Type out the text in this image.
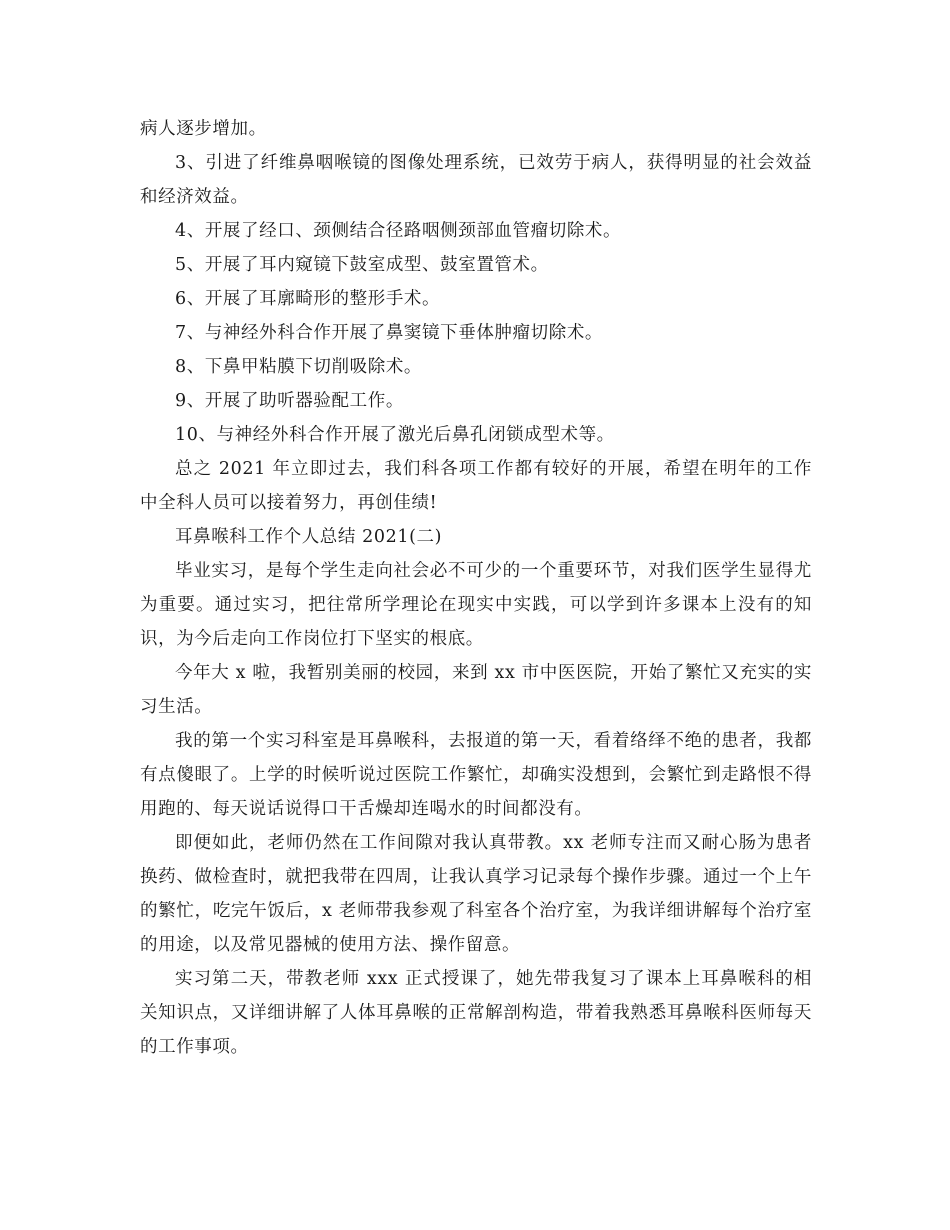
病人逐步增加。

3、引进了纤维鼻咽喉镜的图像处理系统，已效劳于病人，获得明显的社会效益和经济效益。

4、开展了经口、颈侧结合径路咽侧颈部血管瘤切除术。

5、开展了耳内窥镜下鼓室成型、鼓室置管术。

6、开展了耳廓畸形的整形手术。

7、与神经外科合作开展了鼻窦镜下垂体肿瘤切除术。

8、下鼻甲粘膜下切削吸除术。

9、开展了助听器验配工作。

10、与神经外科合作开展了激光后鼻孔闭锁成型术等。

总之 2021 年立即过去，我们科各项工作都有较好的开展，希望在明年的工作中全科人员可以接着努力，再创佳绩!

耳鼻喉科工作个人总结 2021(二)

毕业实习，是每个学生走向社会必不可少的一个重要环节，对我们医学生显得尤为重要。通过实习，把往常所学理论在现实中实践，可以学到许多课本上没有的知识，为今后走向工作岗位打下坚实的根底。

今年大 x 啦，我暂别美丽的校园，来到 xx 市中医医院，开始了繁忙又充实的实习生活。

我的第一个实习科室是耳鼻喉科，去报道的第一天，看着络绎不绝的患者，我都有点傻眼了。上学的时候听说过医院工作繁忙，却确实没想到，会繁忙到走路恨不得用跑的、每天说话说得口干舌燥却连喝水的时间都没有。

即便如此，老师仍然在工作间隙对我认真带教。xx 老师专注而又耐心肠为患者换药、做检查时，就把我带在四周，让我认真学习记录每个操作步骤。通过一个上午的繁忙，吃完午饭后，x 老师带我参观了科室各个治疗室，为我详细讲解每个治疗室的用途，以及常见器械的使用方法、操作留意。

实习第二天，带教老师 xxx 正式授课了，她先带我复习了课本上耳鼻喉科的相关知识点，又详细讲解了人体耳鼻喉的正常解剖构造，带着我熟悉耳鼻喉科医师每天的工作事项。
